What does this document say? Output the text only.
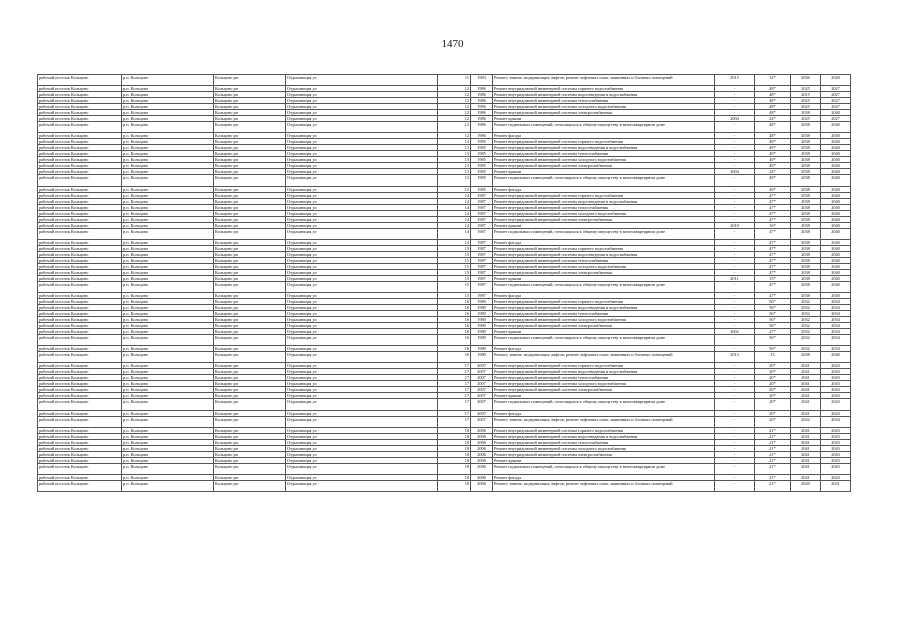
1470
рабочий поселок Кольцово	р.п. Кольцово	Кольцово рп	Отдыхающая ул	11	1983	Ремонт, замена, модернизация лифтов, ремонт лифтовых шахт, машинных и блочных помещений	2015	12*	2036	2040
рабочий поселок Кольцово	р.п. Кольцово	Кольцово рп	Отдыхающая ул	12	1986	Ремонт внутридомовой инженерной системы горячего водоснабжения	-	48*	2025	2027
рабочий поселок Кольцово	р.п. Кольцово	Кольцово рп	Отдыхающая ул	12	1986	Ремонт внутридомовой инженерной системы водоотведения и водоснабжения	-	48*	2015	2027
рабочий поселок Кольцово	р.п. Кольцово	Кольцово рп	Отдыхающая ул	12	1986	Ремонт внутридомовой инженерной системы теплоснабжения	-	48*	2025	2027
рабочий поселок Кольцово	р.п. Кольцово	Кольцово рп	Отдыхающая ул	12	1986	Ремонт внутридомовой инженерной системы холодного водоснабжения	-	48*	2025	2027
рабочий поселок Кольцово	р.п. Кольцово	Кольцово рп	Отдыхающая ул	12	1986	Ремонт внутридомовой инженерной системы электроснабжения	-	48*	2038	2040
рабочий поселок Кольцово	р.п. Кольцово	Кольцово рп	Отдыхающая ул	12	1986	Ремонт крыши	2004	24*	2025	2027
рабочий поселок Кольцово	р.п. Кольцово	Кольцово рп	Отдыхающая ул	12	1986	Ремонт подвальных помещений, относящихся к общему имуществу в многоквартирном доме	-	48*	2038	2040
рабочий поселок Кольцово	р.п. Кольцово	Кольцово рп	Отдыхающая ул	12	1986	Ремонт фасада	-	48*	2038	2040
рабочий поселок Кольцово	р.п. Кольцово	Кольцово рп	Отдыхающая ул	13	1985	Ремонт внутридомовой инженерной системы горячего водоснабжения	-	49*	2038	2040
рабочий поселок Кольцово	р.п. Кольцово	Кольцово рп	Отдыхающая ул	13	1985	Ремонт внутридомовой инженерной системы водоотведения и водоснабжения	-	49*	2038	2040
рабочий поселок Кольцово	р.п. Кольцово	Кольцово рп	Отдыхающая ул	13	1985	Ремонт внутридомовой инженерной системы теплоснабжения	-	49*	2038	2040
рабочий поселок Кольцово	р.п. Кольцово	Кольцово рп	Отдыхающая ул	13	1985	Ремонт внутридомовой инженерной системы холодного водоснабжения	-	49*	2038	2040
рабочий поселок Кольцово	р.п. Кольцово	Кольцово рп	Отдыхающая ул	13	1985	Ремонт внутридомовой инженерной системы электроснабжения	-	49*	2038	2040
рабочий поселок Кольцово	р.п. Кольцово	Кольцово рп	Отдыхающая ул	13	1985	Ремонт крыши	2004	24*	2038	2040
рабочий поселок Кольцово	р.п. Кольцово	Кольцово рп	Отдыхающая ул	13	1985	Ремонт подвальных помещений, относящихся к общему имуществу в многоквартирном доме	-	49*	2038	2040
рабочий поселок Кольцово	р.п. Кольцово	Кольцово рп	Отдыхающая ул	13	1985	Ремонт фасада	-	49*	2038	2040
рабочий поселок Кольцово	р.п. Кольцово	Кольцово рп	Отдыхающая ул	14	1987	Ремонт внутридомовой инженерной системы горячего водоснабжения	-	47*	2038	2040
рабочий поселок Кольцово	р.п. Кольцово	Кольцово рп	Отдыхающая ул	14	1987	Ремонт внутридомовой инженерной системы водоотведения и водоснабжения	-	47*	2038	2040
рабочий поселок Кольцово	р.п. Кольцово	Кольцово рп	Отдыхающая ул	14	1987	Ремонт внутридомовой инженерной системы теплоснабжения	-	47*	2038	2040
рабочий поселок Кольцово	р.п. Кольцово	Кольцово рп	Отдыхающая ул	14	1987	Ремонт внутридомовой инженерной системы холодного водоснабжения	-	47*	2038	2040
рабочий поселок Кольцово	р.п. Кольцово	Кольцово рп	Отдыхающая ул	14	1987	Ремонт внутридомовой инженерной системы электроснабжения	-	47*	2038	2040
рабочий поселок Кольцово	р.п. Кольцово	Кольцово рп	Отдыхающая ул	14	1987	Ремонт крыши	2010	16*	2038	2040
рабочий поселок Кольцово	р.п. Кольцово	Кольцово рп	Отдыхающая ул	14	1987	Ремонт подвальных помещений, относящихся к общему имуществу в многоквартирном доме	-	47*	2038	2040
рабочий поселок Кольцово	р.п. Кольцово	Кольцово рп	Отдыхающая ул	14	1987	Ремонт фасада	-	47*	2038	2040
рабочий поселок Кольцово	р.п. Кольцово	Кольцово рп	Отдыхающая ул	15	1987	Ремонт внутридомовой инженерной системы горячего водоснабжения	-	47*	2038	2040
рабочий поселок Кольцово	р.п. Кольцово	Кольцово рп	Отдыхающая ул	15	1987	Ремонт внутридомовой инженерной системы водоотведения и водоснабжения	-	47*	2038	2040
рабочий поселок Кольцово	р.п. Кольцово	Кольцово рп	Отдыхающая ул	15	1987	Ремонт внутридомовой инженерной системы теплоснабжения	-	47*	2038	2040
рабочий поселок Кольцово	р.п. Кольцово	Кольцово рп	Отдыхающая ул	15	1987	Ремонт внутридомовой инженерной системы холодного водоснабжения	-	47*	2038	2040
рабочий поселок Кольцово	р.п. Кольцово	Кольцово рп	Отдыхающая ул	15	1987	Ремонт внутридомовой инженерной системы электроснабжения	-	47*	2038	2040
рабочий поселок Кольцово	р.п. Кольцово	Кольцово рп	Отдыхающая ул	15	1987	Ремонт крыши	2011	15*	2038	2040
рабочий поселок Кольцово	р.п. Кольцово	Кольцово рп	Отдыхающая ул	15	1987	Ремонт подвальных помещений, относящихся к общему имуществу в многоквартирном доме	-	47*	2038	2040
рабочий поселок Кольцово	р.п. Кольцово	Кольцово рп	Отдыхающая ул	15	1987	Ремонт фасада	-	47*	2038	2040
рабочий поселок Кольцово	р.п. Кольцово	Кольцово рп	Отдыхающая ул	16	1980	Ремонт внутридомовой инженерной системы горячего водоснабжения	-	56*	2032	2034
рабочий поселок Кольцово	р.п. Кольцово	Кольцово рп	Отдыхающая ул	16	1980	Ремонт внутридомовой инженерной системы водоотведения и водоснабжения	-	56*	2032	2034
рабочий поселок Кольцово	р.п. Кольцово	Кольцово рп	Отдыхающая ул	16	1980	Ремонт внутридомовой инженерной системы теплоснабжения	-	56*	2032	2034
рабочий поселок Кольцово	р.п. Кольцово	Кольцово рп	Отдыхающая ул	16	1980	Ремонт внутридомовой инженерной системы холодного водоснабжения	-	56*	2032	2034
рабочий поселок Кольцово	р.п. Кольцово	Кольцово рп	Отдыхающая ул	16	1980	Ремонт внутридомовой инженерной системы электроснабжения	-	56*	2032	2034
рабочий поселок Кольцово	р.п. Кольцово	Кольцово рп	Отдыхающая ул	16	1980	Ремонт крыши	2002	27*	2032	2034
рабочий поселок Кольцово	р.п. Кольцово	Кольцово рп	Отдыхающая ул	16	1980	Ремонт подвальных помещений, относящихся к общему имуществу в многоквартирном доме	-	56*	2032	2034
рабочий поселок Кольцово	р.п. Кольцово	Кольцово рп	Отдыхающая ул	16	1980	Ремонт фасада	-	56*	2032	2034
рабочий поселок Кольцово	р.п. Кольцово	Кольцово рп	Отдыхающая ул	16	1980	Ремонт, замена, модернизация лифтов, ремонт лифтовых шахт, машинных и блочных помещений	2013	15	2038	2040
рабочий поселок Кольцово	р.п. Кольцово	Кольцово рп	Отдыхающая ул	17	2007	Ремонт внутридомовой инженерной системы горячего водоснабжения	-	20*	2041	2043
рабочий поселок Кольцово	р.п. Кольцово	Кольцово рп	Отдыхающая ул	17	2007	Ремонт внутридомовой инженерной системы водоотведения и водоснабжения	-	20*	2041	2043
рабочий поселок Кольцово	р.п. Кольцово	Кольцово рп	Отдыхающая ул	17	2007	Ремонт внутридомовой инженерной системы теплоснабжения	-	20*	2041	2043
рабочий поселок Кольцово	р.п. Кольцово	Кольцово рп	Отдыхающая ул	17	2007	Ремонт внутридомовой инженерной системы холодного водоснабжения	-	20*	2041	2043
рабочий поселок Кольцово	р.п. Кольцово	Кольцово рп	Отдыхающая ул	17	2007	Ремонт внутридомовой инженерной системы электроснабжения	-	20*	2041	2043
рабочий поселок Кольцово	р.п. Кольцово	Кольцово рп	Отдыхающая ул	17	2007	Ремонт крыши	-	20*	2041	2043
рабочий поселок Кольцово	р.п. Кольцово	Кольцово рп	Отдыхающая ул	17	2007	Ремонт подвальных помещений, относящихся к общему имуществу в многоквартирном доме	-	20*	2041	2043
рабочий поселок Кольцово	р.п. Кольцово	Кольцово рп	Отдыхающая ул	17	2007	Ремонт фасада	-	20*	2041	2043
рабочий поселок Кольцово	р.п. Кольцово	Кольцово рп	Отдыхающая ул	17	2007	Ремонт, замена, модернизация лифтов, ремонт лифтовых шахт, машинных и блочных помещений	-	20*	2032	2034
рабочий поселок Кольцово	р.п. Кольцово	Кольцово рп	Отдыхающая ул	18	2006	Ремонт внутридомовой инженерной системы горячего водоснабжения	-	21*	2041	2043
рабочий поселок Кольцово	р.п. Кольцово	Кольцово рп	Отдыхающая ул	18	2006	Ремонт внутридомовой инженерной системы водоотведения и водоснабжения	-	21*	2041	2043
рабочий поселок Кольцово	р.п. Кольцово	Кольцово рп	Отдыхающая ул	18	2006	Ремонт внутридомовой инженерной системы теплоснабжения	-	21*	2041	2043
рабочий поселок Кольцово	р.п. Кольцово	Кольцово рп	Отдыхающая ул	18	2006	Ремонт внутридомовой инженерной системы холодного водоснабжения	-	21*	2041	2043
рабочий поселок Кольцово	р.п. Кольцово	Кольцово рп	Отдыхающая ул	18	2006	Ремонт внутридомовой инженерной системы электроснабжения	-	21*	2041	2043
рабочий поселок Кольцово	р.п. Кольцово	Кольцово рп	Отдыхающая ул	18	2006	Ремонт крыши	-	21*	2041	2043
рабочий поселок Кольцово	р.п. Кольцово	Кольцово рп	Отдыхающая ул	18	2006	Ремонт подвальных помещений, относящихся к общему имуществу в многоквартирном доме	-	21*	2041	2043
рабочий поселок Кольцово	р.п. Кольцово	Кольцово рп	Отдыхающая ул	18	2006	Ремонт фасада	-	21*	2041	2043
рабочий поселок Кольцово	р.п. Кольцово	Кольцово рп	Отдыхающая ул	18	2006	Ремонт, замена, модернизация лифтов, ремонт лифтовых шахт, машинных и блочных помещений	-	21*	2029	2031
